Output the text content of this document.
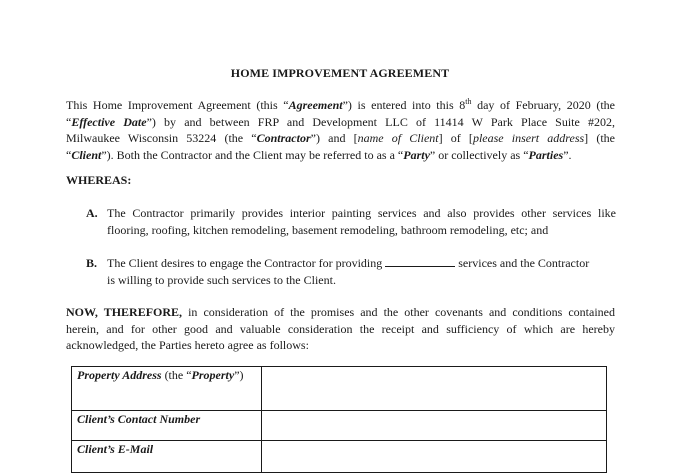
HOME IMPROVEMENT AGREEMENT
This Home Improvement Agreement (this “Agreement”) is entered into this 8th day of February, 2020 (the
“Effective Date”) by and between FRP and Development LLC of 11414 W Park Place Suite #202,
Milwaukee Wisconsin 53224 (the “Contractor”) and [name of Client] of [please insert address] (the
“Client”). Both the Contractor and the Client may be referred to as a “Party” or collectively as “Parties”.
WHEREAS:
A. The Contractor primarily provides interior painting services and also provides other services like
flooring, roofing, kitchen remodeling, basement remodeling, bathroom remodeling, etc; and
B. The Client desires to engage the Contractor for providing	services and the Contractor
is willing to provide such services to the Client.
NOW, THEREFORE, in consideration of the promises and the other covenants and conditions contained
herein, and for other good and valuable consideration the receipt and sufficiency of which are hereby
acknowledged, the Parties hereto agree as follows:
Property Address (the “Property”)	
Client’s Contact Number	
Client’s E-Mail	
